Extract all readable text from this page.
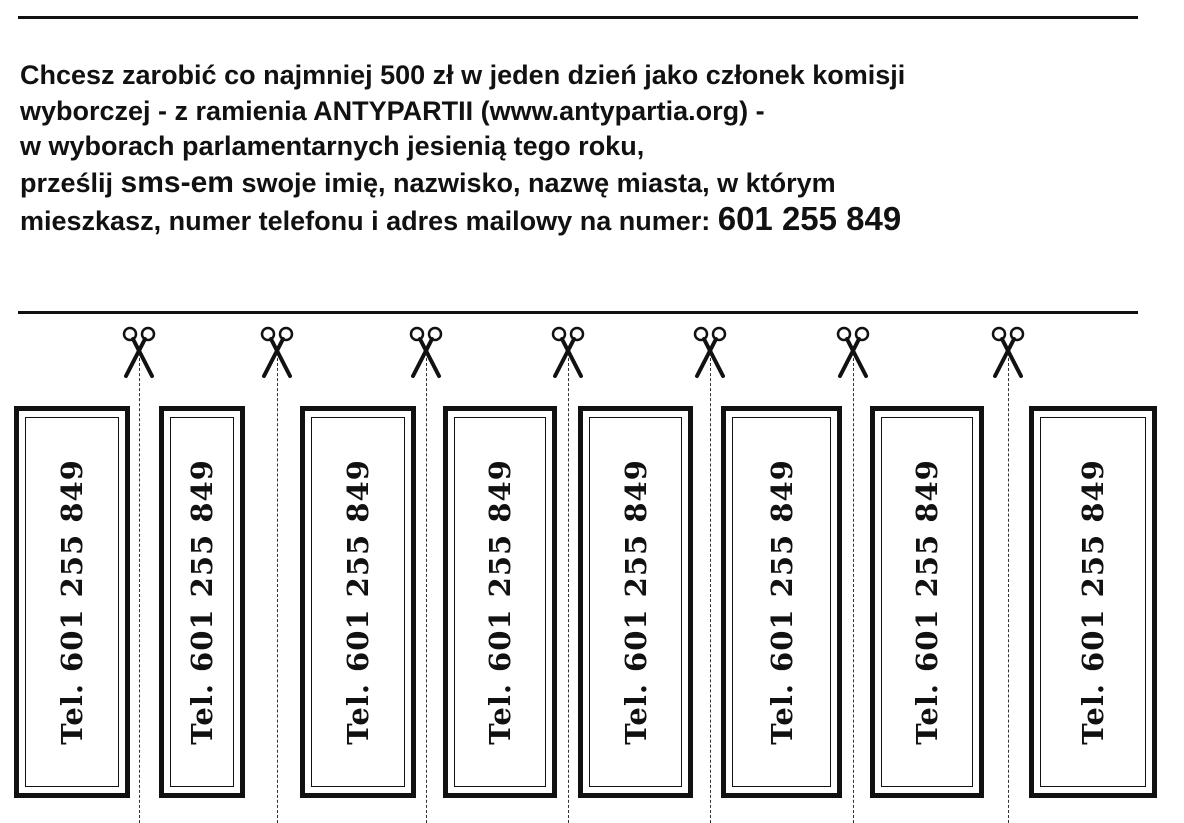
Chcesz zarobić co najmniej 500 zł w jeden dzień jako członek komisji
wyborczej - z ramienia ANTYPARTII (www.antypartia.org) -
w wyborach parlamentarnych jesienią tego roku,
prześlij sms-em swoje imię, nazwisko, nazwę miasta, w którym
mieszkasz, numer telefonu i adres mailowy na numer: 601 255 849
Tel. 601 255 849	Tel. 601 255 849	Tel. 601 255 849	Tel. 601 255 849	Tel. 601 255 849	Tel. 601 255 849	Tel. 601 255 849	Tel. 601 255 849
